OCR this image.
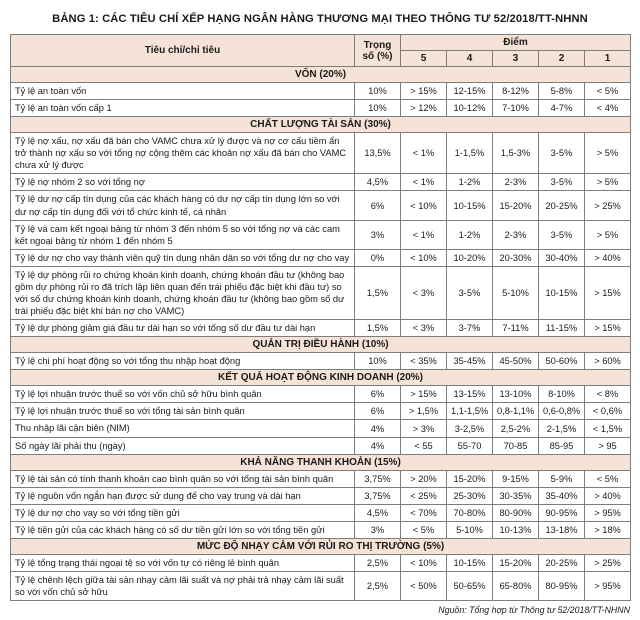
BẢNG 1: CÁC TIÊU CHÍ XẾP HẠNG NGÂN HÀNG THƯƠNG MẠI THEO THÔNG TƯ 52/2018/TT-NHNN
Tiêu chí/chỉ tiêu	Trọng số (%)	Điểm				
		5	4	3	2	1
VỐN (20%)						
Tỷ lệ an toàn vốn	10%	> 15%	12-15%	8-12%	5-8%	< 5%
Tỷ lệ an toàn vốn cấp 1	10%	> 12%	10-12%	7-10%	4-7%	< 4%
CHẤT LƯỢNG TÀI SẢN (30%)						
Tỷ lệ nợ xấu, nợ xấu đã bán cho VAMC chưa xử lý được và nợ cơ cấu tiềm ẩn trở thành nợ xấu so với tổng nợ cộng thêm các khoản nợ xấu đã bán cho VAMC chưa xử lý được	13,5%	< 1%	1-1,5%	1,5-3%	3-5%	> 5%
Tỷ lệ nợ nhóm 2 so với tổng nợ	4,5%	< 1%	1-2%	2-3%	3-5%	> 5%
Tỷ lệ dư nợ cấp tín dụng của các khách hàng có dư nợ cấp tín dụng lớn so với dư nợ cấp tín dụng đối với tổ chức kinh tế, cá nhân	6%	< 10%	10-15%	15-20%	20-25%	> 25%
Tỷ lệ và cam kết ngoại bảng từ nhóm 3 đến nhóm 5 so với tổng nợ và các cam kết ngoại bảng từ nhóm 1 đến nhóm 5	3%	< 1%	1-2%	2-3%	3-5%	> 5%
Tỷ lệ dư nợ cho vay thành viên quỹ tín dụng nhân dân so với tổng dư nợ cho vay	0%	< 10%	10-20%	20-30%	30-40%	> 40%
Tỷ lệ dự phòng rủi ro chứng khoán kinh doanh, chứng khoán đầu tư (không bao gồm dự phòng rủi ro đã trích lập liên quan đến trái phiếu đặc biệt khi đầu tư) so với số dư chứng khoán kinh doanh, chứng khoán đầu tư (không bao gồm số dư trái phiếu đặc biệt khi bán nợ cho VAMC)	1,5%	< 3%	3-5%	5-10%	10-15%	> 15%
Tỷ lệ dự phòng giảm giá đầu tư dài hạn so với tổng số dư đầu tư dài hạn	1,5%	< 3%	3-7%	7-11%	11-15%	> 15%
QUẢN TRỊ ĐIỀU HÀNH (10%)						
Tỷ lệ chi phí hoạt động so với tổng thu nhập hoạt động	10%	< 35%	35-45%	45-50%	50-60%	> 60%
KẾT QUẢ HOẠT ĐỘNG KINH DOANH (20%)						
Tỷ lệ lợi nhuận trước thuế so với vốn chủ sở hữu bình quân	6%	> 15%	13-15%	13-10%	8-10%	< 8%
Tỷ lệ lợi nhuận trước thuế so với tổng tài sản bình quân	6%	> 1,5%	1,1-1,5%	0,8-1,1%	0,6-0,8%	< 0,6%
Thu nhập lãi cận biên (NIM)	4%	> 3%	3-2,5%	2,5-2%	2-1,5%	< 1,5%
Số ngày lãi phải thu (ngày)	4%	< 55	55-70	70-85	85-95	> 95
KHẢ NĂNG THANH KHOẢN (15%)						
Tỷ lệ tài sản có tính thanh khoản cao bình quân so với tổng tài sản bình quân	3,75%	> 20%	15-20%	9-15%	5-9%	< 5%
Tỷ lệ nguồn vốn ngắn hạn được sử dụng để cho vay trung và dài hạn	3,75%	< 25%	25-30%	30-35%	35-40%	> 40%
Tỷ lệ dư nợ cho vay so với tổng tiền gửi	4,5%	< 70%	70-80%	80-90%	90-95%	> 95%
Tỷ lệ tiền gửi của các khách hàng có số dư tiền gửi lớn so với tổng tiền gửi	3%	< 5%	5-10%	10-13%	13-18%	> 18%
MỨC ĐỘ NHẠY CẢM VỚI RỦI RO THỊ TRƯỜNG (5%)						
Tỷ lệ tổng trạng thái ngoại tệ so với vốn tự có riêng lẻ bình quân	2,5%	< 10%	10-15%	15-20%	20-25%	> 25%
Tỷ lệ chênh lệch giữa tài sản nhạy cảm lãi suất và nợ phải trả nhạy cảm lãi suất so với vốn chủ sở hữu	2,5%	< 50%	50-65%	65-80%	80-95%	> 95%
Nguồn: Tổng hợp từ Thông tư 52/2018/TT-NHNN
